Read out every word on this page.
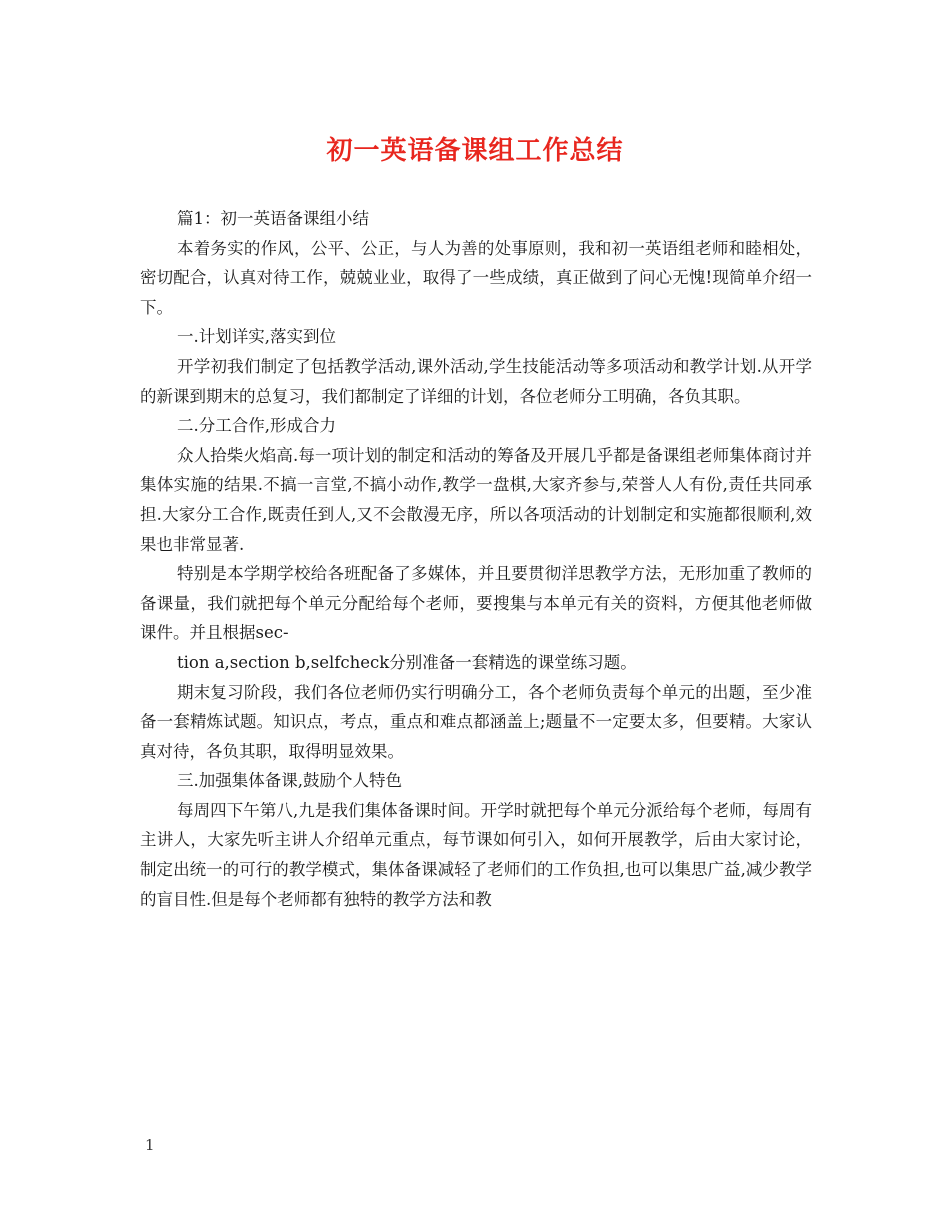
初一英语备课组工作总结

篇1：初一英语备课组小结

本着务实的作风，公平、公正，与人为善的处事原则，我和初一英语组老师和睦相处，密切配合，认真对待工作，兢兢业业，取得了一些成绩，真正做到了问心无愧!现简单介绍一下。

一.计划详实,落实到位

开学初我们制定了包括教学活动,课外活动,学生技能活动等多项活动和教学计划.从开学的新课到期末的总复习，我们都制定了详细的计划，各位老师分工明确，各负其职。

二.分工合作,形成合力

众人拾柴火焰高.每一项计划的制定和活动的筹备及开展几乎都是备课组老师集体商讨并集体实施的结果.不搞一言堂,不搞小动作,教学一盘棋,大家齐参与,荣誉人人有份,责任共同承担.大家分工合作,既责任到人,又不会散漫无序，所以各项活动的计划制定和实施都很顺利,效果也非常显著.

特别是本学期学校给各班配备了多媒体，并且要贯彻洋思教学方法，无形加重了教师的备课量，我们就把每个单元分配给每个老师，要搜集与本单元有关的资料，方便其他老师做课件。并且根据sec-

tion a,section b,selfcheck分别准备一套精选的课堂练习题。

期末复习阶段，我们各位老师仍实行明确分工，各个老师负责每个单元的出题，至少准备一套精炼试题。知识点，考点，重点和难点都涵盖上;题量不一定要太多，但要精。大家认真对待，各负其职，取得明显效果。

三.加强集体备课,鼓励个人特色

每周四下午第八,九是我们集体备课时间。开学时就把每个单元分派给每个老师，每周有主讲人，大家先听主讲人介绍单元重点，每节课如何引入，如何开展教学，后由大家讨论，制定出统一的可行的教学模式，集体备课减轻了老师们的工作负担,也可以集思广益,减少教学的盲目性.但是每个老师都有独特的教学方法和教

1
